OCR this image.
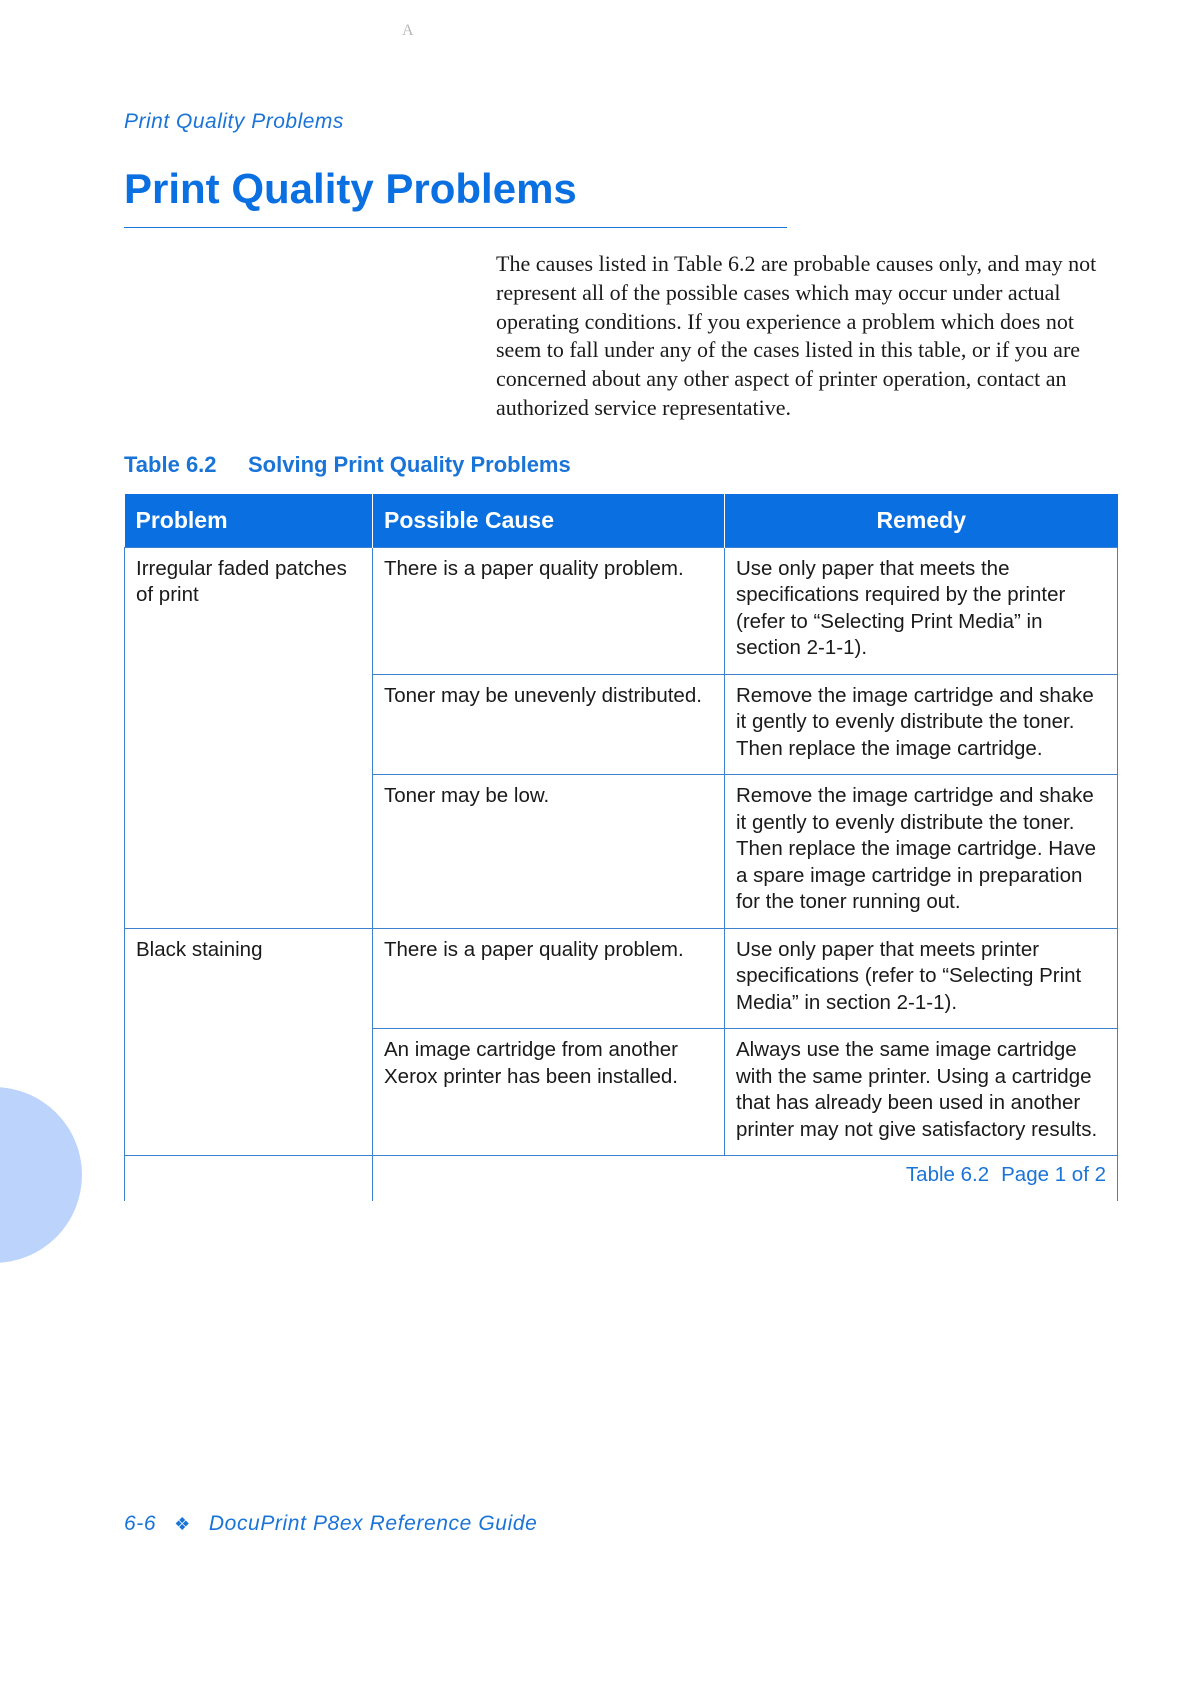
A
Print Quality Problems
Print Quality Problems

The causes listed in Table 6.2 are probable causes only, and may not represent all of the possible cases which may occur under actual operating conditions. If you experience a problem which does not seem to fall under any of the cases listed in this table, or if you are concerned about any other aspect of printer operation, contact an authorized service representative.

Table 6.2 Solving Print Quality Problems
Problem	Possible Cause	Remedy
Irregular faded patches of print	There is a paper quality problem.	Use only paper that meets the specifications required by the printer (refer to “Selecting Print Media” in section 2-1-1).
	Toner may be unevenly distributed.	Remove the image cartridge and shake it gently to evenly distribute the toner. Then replace the image cartridge.
	Toner may be low.	Remove the image cartridge and shake it gently to evenly distribute the toner. Then replace the image cartridge. Have a spare image cartridge in preparation for the toner running out.
Black staining	There is a paper quality problem.	Use only paper that meets printer specifications (refer to “Selecting Print Media” in section 2-1-1).
	An image cartridge from another Xerox printer has been installed.	Always use the same image cartridge with the same printer. Using a cartridge that has already been used in another printer may not give satisfactory results.
	Table 6.2 Page 1 of 2	
6-6 ❖ DocuPrint P8ex Reference Guide
